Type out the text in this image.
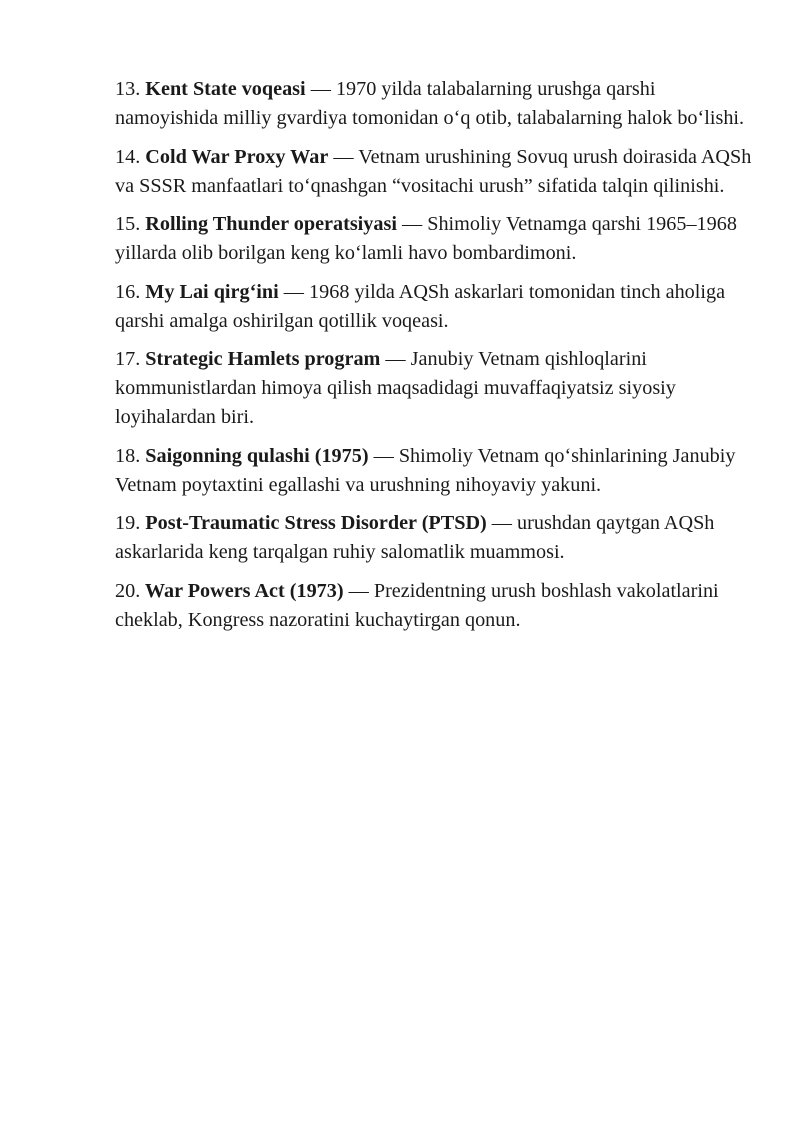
13. Kent State voqeasi — 1970 yilda talabalarning urushga qarshi namoyishida milliy gvardiya tomonidan o‘q otib, talabalarning halok bo‘lishi.

14. Cold War Proxy War — Vetnam urushining Sovuq urush doirasida AQSh va SSSR manfaatlari to‘qnashgan “vositachi urush” sifatida talqin qilinishi.

15. Rolling Thunder operatsiyasi — Shimoliy Vetnamga qarshi 1965–1968 yillarda olib borilgan keng ko‘lamli havo bombardimoni.

16. My Lai qirg‘ini — 1968 yilda AQSh askarlari tomonidan tinch aholiga qarshi amalga oshirilgan qotillik voqeasi.

17. Strategic Hamlets program — Janubiy Vetnam qishloqlarini kommunistlardan himoya qilish maqsadidagi muvaffaqiyatsiz siyosiy loyihalardan biri.

18. Saigonning qulashi (1975) — Shimoliy Vetnam qo‘shinlarining Janubiy Vetnam poytaxtini egallashi va urushning nihoyaviy yakuni.

19. Post-Traumatic Stress Disorder (PTSD) — urushdan qaytgan AQSh askarlarida keng tarqalgan ruhiy salomatlik muammosi.

20. War Powers Act (1973) — Prezidentning urush boshlash vakolatlarini cheklab, Kongress nazoratini kuchaytirgan qonun.
